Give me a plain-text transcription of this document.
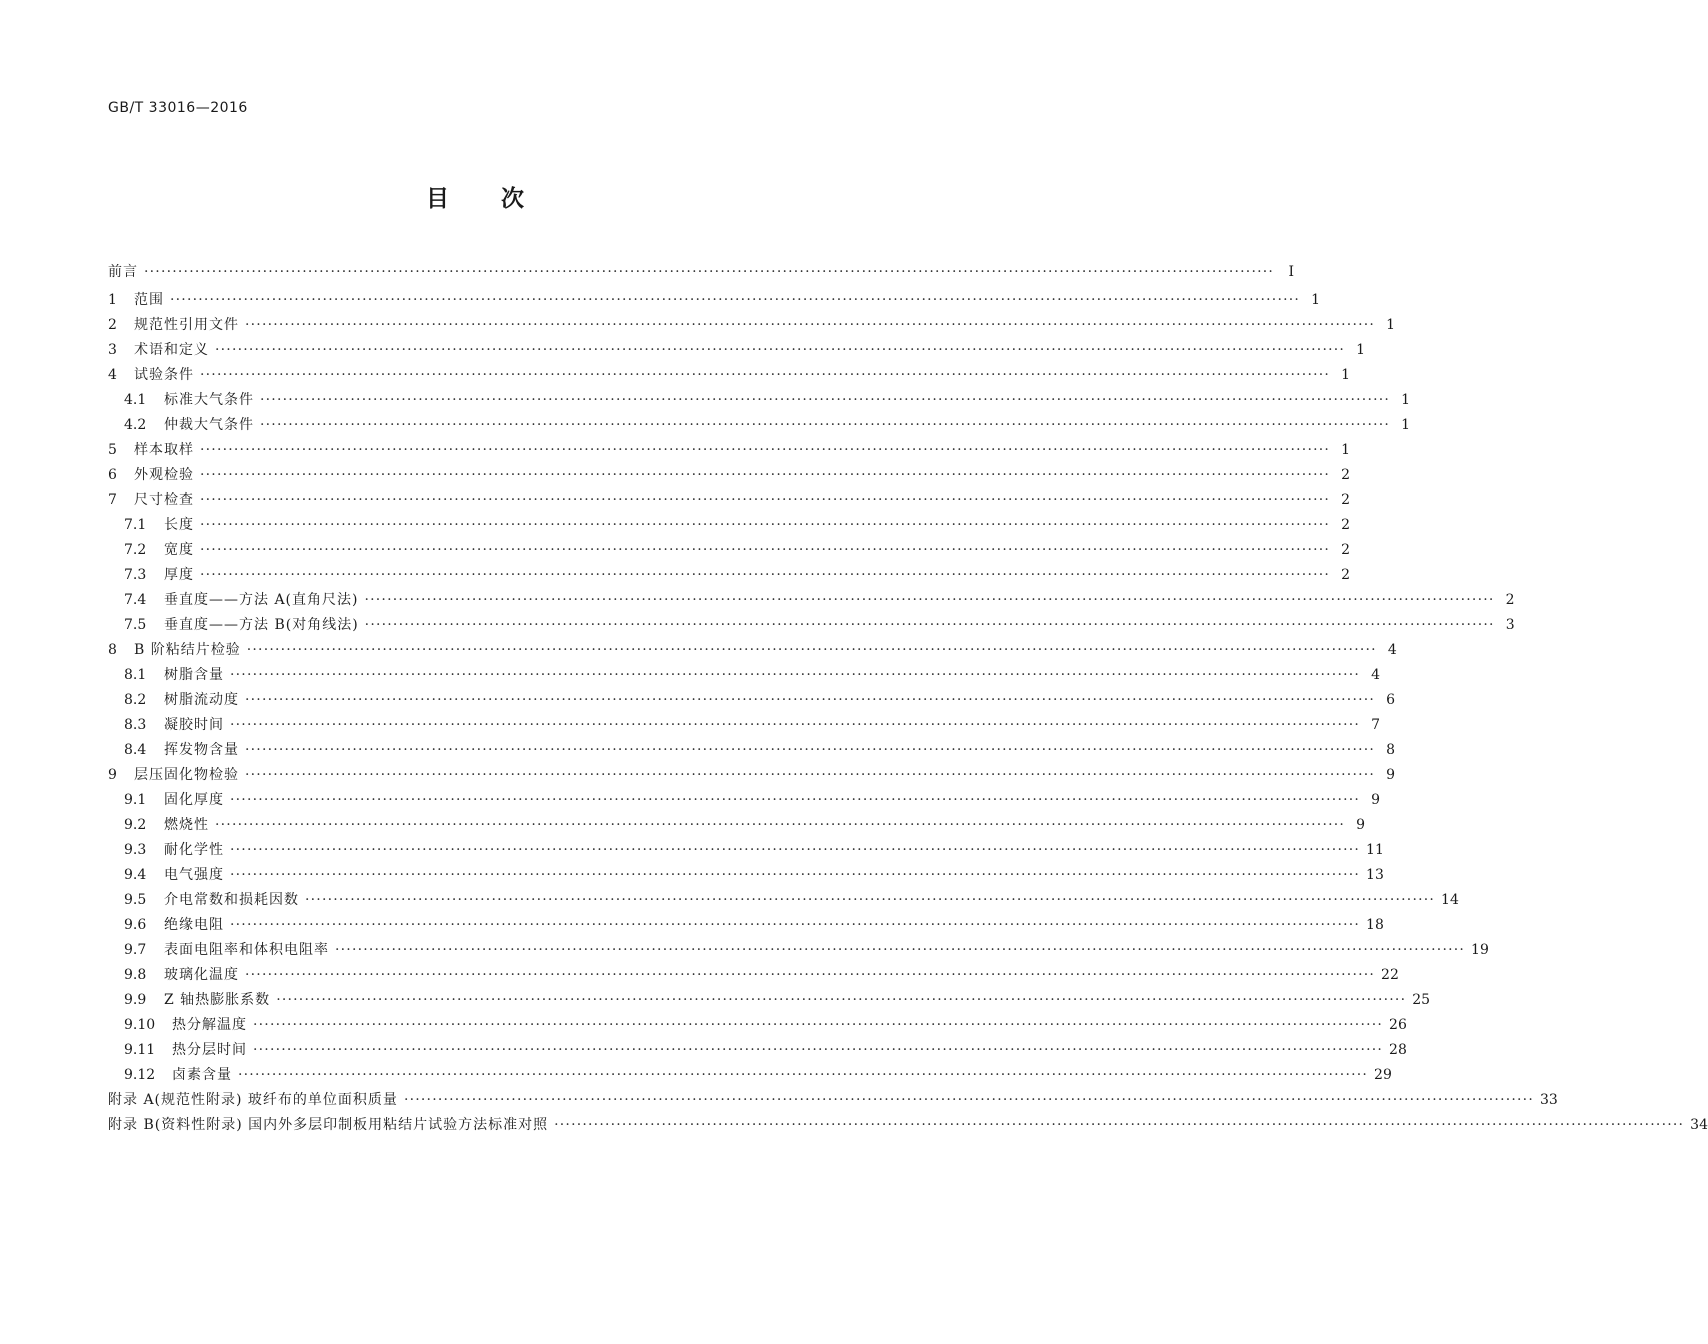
GB/T 33016—2016
目 次
前言 ········································································································································································································	Ⅰ
1	范围 ········································································································································································································ 1
2	规范性引用文件 ········································································································································································································ 1
3	术语和定义 ········································································································································································································ 1
4	试验条件 ········································································································································································································ 1
4.1	标准大气条件 ········································································································································································································ 1
4.2	仲裁大气条件 ········································································································································································································ 1
5	样本取样 ········································································································································································································ 1
6	外观检验 ········································································································································································································ 2
7	尺寸检查 ········································································································································································································ 2
7.1	长度 ········································································································································································································ 2
7.2	宽度 ········································································································································································································ 2
7.3	厚度 ········································································································································································································ 2
7.4	垂直度——方法 A(直角尺法) ········································································································································································································ 2
7.5	垂直度——方法 B(对角线法) ········································································································································································································ 3
8	B 阶粘结片检验 ········································································································································································································ 4
8.1	树脂含量 ········································································································································································································ 4
8.2	树脂流动度 ········································································································································································································ 6
8.3	凝胶时间 ········································································································································································································ 7
8.4	挥发物含量 ········································································································································································································ 8
9	层压固化物检验 ········································································································································································································ 9
9.1	固化厚度 ········································································································································································································ 9
9.2	燃烧性 ········································································································································································································ 9
9.3	耐化学性 ········································································································································································································ 11
9.4	电气强度 ········································································································································································································ 13
9.5	介电常数和损耗因数 ········································································································································································································ 14
9.6	绝缘电阻 ········································································································································································································ 18
9.7	表面电阻率和体积电阻率 ········································································································································································································ 19
9.8	玻璃化温度 ········································································································································································································ 22
9.9	Z 轴热膨胀系数 ········································································································································································································ 25
9.10	热分解温度 ········································································································································································································ 26
9.11	热分层时间 ········································································································································································································ 28
9.12	卤素含量 ········································································································································································································ 29
附录 A(规范性附录) 玻纤布的单位面积质量 ········································································································································································································ 33
附录 B(资料性附录) 国内外多层印制板用粘结片试验方法标准对照 ········································································································································································································ 34
